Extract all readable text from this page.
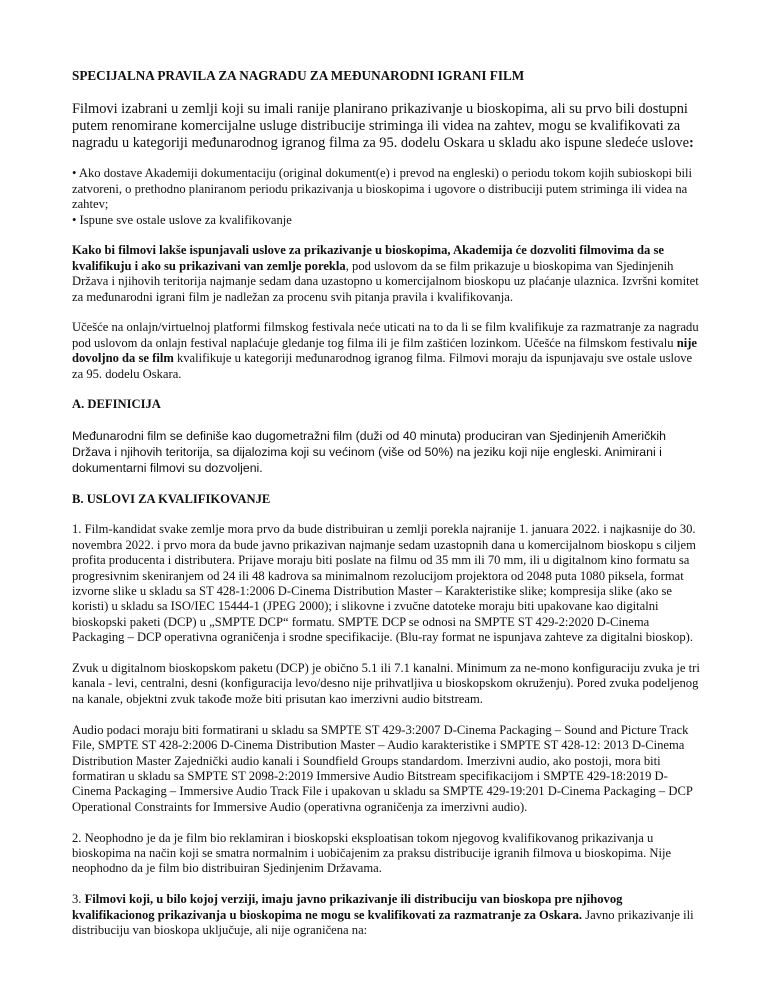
SPECIJALNA PRAVILA ZA NAGRADU ZA MEĐUNARODNI IGRANI FILM

Filmovi izabrani u zemlji koji su imali ranije planirano prikazivanje u bioskopima, ali su prvo bili dostupni putem renomirane komercijalne usluge distribucije striminga ili videa na zahtev, mogu se kvalifikovati za nagradu u kategoriji međunarodnog igranog filma za 95. dodelu Oskara u skladu ako ispune sledeće uslove:

• Ako dostave Akademiji dokumentaciju (original dokument(e) i prevod na engleski) o periodu tokom kojih subioskopi bili zatvoreni, o prethodno planiranom periodu prikazivanja u bioskopima i ugovore o distribuciji putem striminga ili videa na zahtev;

• Ispune sve ostale uslove za kvalifikovanje

Kako bi filmovi lakše ispunjavali uslove za prikazivanje u bioskopima, Akademija će dozvoliti filmovima da se kvalifikuju i ako su prikazivani van zemlje porekla, pod uslovom da se film prikazuje u bioskopima van Sjedinjenih Država i njihovih teritorija najmanje sedam dana uzastopno u komercijalnom bioskopu uz plaćanje ulaznica. Izvršni komitet za međunarodni igrani film je nadležan za procenu svih pitanja pravila i kvalifikovanja.

Učešće na onlajn/virtuelnoj platformi filmskog festivala neće uticati na to da li se film kvalifikuje za razmatranje za nagradu pod uslovom da onlajn festival naplaćuje gledanje tog filma ili je film zaštićen lozinkom. Učešće na filmskom festivalu nije dovoljno da se film kvalifikuje u kategoriji međunarodnog igranog filma. Filmovi moraju da ispunjavaju sve ostale uslove za 95. dodelu Oskara.

A. DEFINICIJA

Međunarodni film se definiše kao dugometražni film (duži od 40 minuta) produciran van Sjedinjenih Američkih Država i njihovih teritorija, sa dijalozima koji su većinom (više od 50%) na jeziku koji nije engleski. Animirani i dokumentarni filmovi su dozvoljeni.

B. USLOVI ZA KVALIFIKOVANJE

1. Film-kandidat svake zemlje mora prvo da bude distribuiran u zemlji porekla najranije 1. januara 2022. i najkasnije do 30. novembra 2022. i prvo mora da bude javno prikazivan najmanje sedam uzastopnih dana u komercijalnom bioskopu s ciljem profita producenta i distributera. Prijave moraju biti poslate na filmu od 35 mm ili 70 mm, ili u digitalnom kino formatu sa progresivnim skeniranjem od 24 ili 48 kadrova sa minimalnom rezolucijom projektora od 2048 puta 1080 piksela, format izvorne slike u skladu sa ST 428-1:2006 D-Cinema Distribution Master – Karakteristike slike; kompresija slike (ako se koristi) u skladu sa ISO/IEC 15444-1 (JPEG 2000); i slikovne i zvučne datoteke moraju biti upakovane kao digitalni bioskopski paketi (DCP) u „SMPTE DCP“ formatu. SMPTE DCP se odnosi na SMPTE ST 429-2:2020 D-Cinema Packaging – DCP operativna ograničenja i srodne specifikacije. (Blu-ray format ne ispunjava zahteve za digitalni bioskop).

Zvuk u digitalnom bioskopskom paketu (DCP) je obično 5.1 ili 7.1 kanalni. Minimum za ne-mono konfiguraciju zvuka je tri kanala - levi, centralni, desni (konfiguracija levo/desno nije prihvatljiva u bioskopskom okruženju). Pored zvuka podeljenog na kanale, objektni zvuk takođe može biti prisutan kao imerzivni audio bitstream.

Audio podaci moraju biti formatirani u skladu sa SMPTE ST 429-3:2007 D-Cinema Packaging – Sound and Picture Track File, SMPTE ST 428-2:2006 D-Cinema Distribution Master – Audio karakteristike i SMPTE ST 428-12: 2013 D-Cinema Distribution Master Zajednički audio kanali i Soundfield Groups standardom. Imerzivni audio, ako postoji, mora biti formatiran u skladu sa SMPTE ST 2098-2:2019 Immersive Audio Bitstream specifikacijom i SMPTE 429-18:2019 D-Cinema Packaging – Immersive Audio Track File i upakovan u skladu sa SMPTE 429-19:201 D-Cinema Packaging – DCP Operational Constraints for Immersive Audio (operativna ograničenja za imerzivni audio).

2. Neophodno je da je film bio reklamiran i bioskopski eksploatisan tokom njegovog kvalifikovanog prikazivanja u bioskopima na način koji se smatra normalnim i uobičajenim za praksu distribucije igranih filmova u bioskopima. Nije neophodno da je film bio distribuiran Sjedinjenim Državama.

3. Filmovi koji, u bilo kojoj verziji, imaju javno prikazivanje ili distribuciju van bioskopa pre njihovog kvalifikacionog prikazivanja u bioskopima ne mogu se kvalifikovati za razmatranje za Oskara. Javno prikazivanje ili distribuciju van bioskopa uključuje, ali nije ograničena na:
